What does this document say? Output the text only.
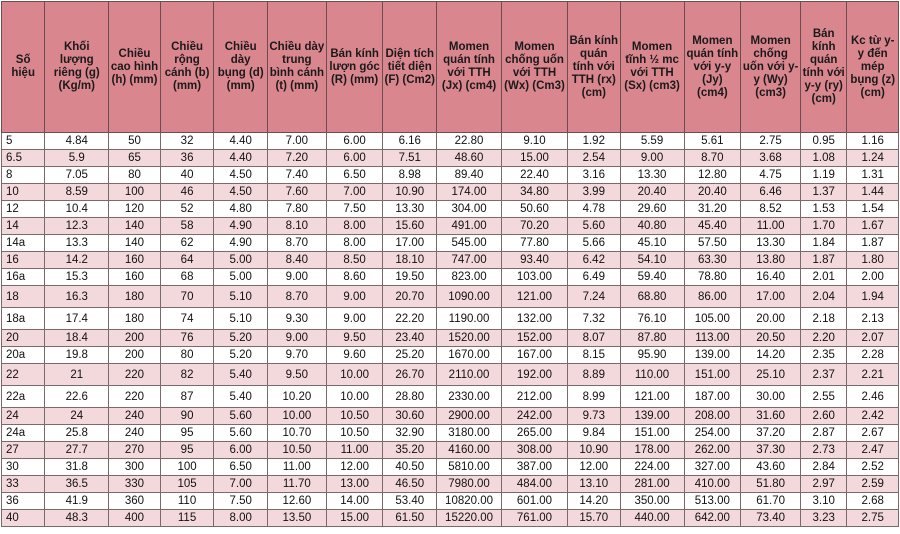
Số hiệu	Khối lượng riêng (g) (Kg/m)	Chiều cao hình (h) (mm)	Chiều rộng cánh (b) (mm)	Chiều dày bụng (d) (mm)	Chiều dày trung bình cánh (t) (mm)	Bán kính lượn góc (R) (mm)	Diện tích tiết diện (F) (Cm2)	Momen quán tính với TTH (Jx) (cm4)	Momen chống uốn với TTH (Wx) (Cm3)	Bán kính quán tính với TTH (rx) (cm)	Momen tĩnh ½ mc với TTH (Sx) (cm3)	Momen quán tính với y-y (Jy) (cm4)	Momen chống uốn với y-y (Wy) (cm3)	Bán kính quán tính với y-y (ry) (cm)	Kc từ y-y đến mép bụng (z) (cm)
5	4.84	50	32	4.40	7.00	6.00	6.16	22.80	9.10	1.92	5.59	5.61	2.75	0.95	1.16
6.5	5.9	65	36	4.40	7.20	6.00	7.51	48.60	15.00	2.54	9.00	8.70	3.68	1.08	1.24
8	7.05	80	40	4.50	7.40	6.50	8.98	89.40	22.40	3.16	13.30	12.80	4.75	1.19	1.31
10	8.59	100	46	4.50	7.60	7.00	10.90	174.00	34.80	3.99	20.40	20.40	6.46	1.37	1.44
12	10.4	120	52	4.80	7.80	7.50	13.30	304.00	50.60	4.78	29.60	31.20	8.52	1.53	1.54
14	12.3	140	58	4.90	8.10	8.00	15.60	491.00	70.20	5.60	40.80	45.40	11.00	1.70	1.67
14a	13.3	140	62	4.90	8.70	8.00	17.00	545.00	77.80	5.66	45.10	57.50	13.30	1.84	1.87
16	14.2	160	64	5.00	8.40	8.50	18.10	747.00	93.40	6.42	54.10	63.30	13.80	1.87	1.80
16a	15.3	160	68	5.00	9.00	8.60	19.50	823.00	103.00	6.49	59.40	78.80	16.40	2.01	2.00
18	16.3	180	70	5.10	8.70	9.00	20.70	1090.00	121.00	7.24	68.80	86.00	17.00	2.04	1.94
18a	17.4	180	74	5.10	9.30	9.00	22.20	1190.00	132.00	7.32	76.10	105.00	20.00	2.18	2.13
20	18.4	200	76	5.20	9.00	9.50	23.40	1520.00	152.00	8.07	87.80	113.00	20.50	2.20	2.07
20a	19.8	200	80	5.20	9.70	9.60	25.20	1670.00	167.00	8.15	95.90	139.00	14.20	2.35	2.28
22	21	220	82	5.40	9.50	10.00	26.70	2110.00	192.00	8.89	110.00	151.00	25.10	2.37	2.21
22a	22.6	220	87	5.40	10.20	10.00	28.80	2330.00	212.00	8.99	121.00	187.00	30.00	2.55	2.46
24	24	240	90	5.60	10.00	10.50	30.60	2900.00	242.00	9.73	139.00	208.00	31.60	2.60	2.42
24a	25.8	240	95	5.60	10.70	10.50	32.90	3180.00	265.00	9.84	151.00	254.00	37.20	2.87	2.67
27	27.7	270	95	6.00	10.50	11.00	35.20	4160.00	308.00	10.90	178.00	262.00	37.30	2.73	2.47
30	31.8	300	100	6.50	11.00	12.00	40.50	5810.00	387.00	12.00	224.00	327.00	43.60	2.84	2.52
33	36.5	330	105	7.00	11.70	13.00	46.50	7980.00	484.00	13.10	281.00	410.00	51.80	2.97	2.59
36	41.9	360	110	7.50	12.60	14.00	53.40	10820.00	601.00	14.20	350.00	513.00	61.70	3.10	2.68
40	48.3	400	115	8.00	13.50	15.00	61.50	15220.00	761.00	15.70	440.00	642.00	73.40	3.23	2.75
